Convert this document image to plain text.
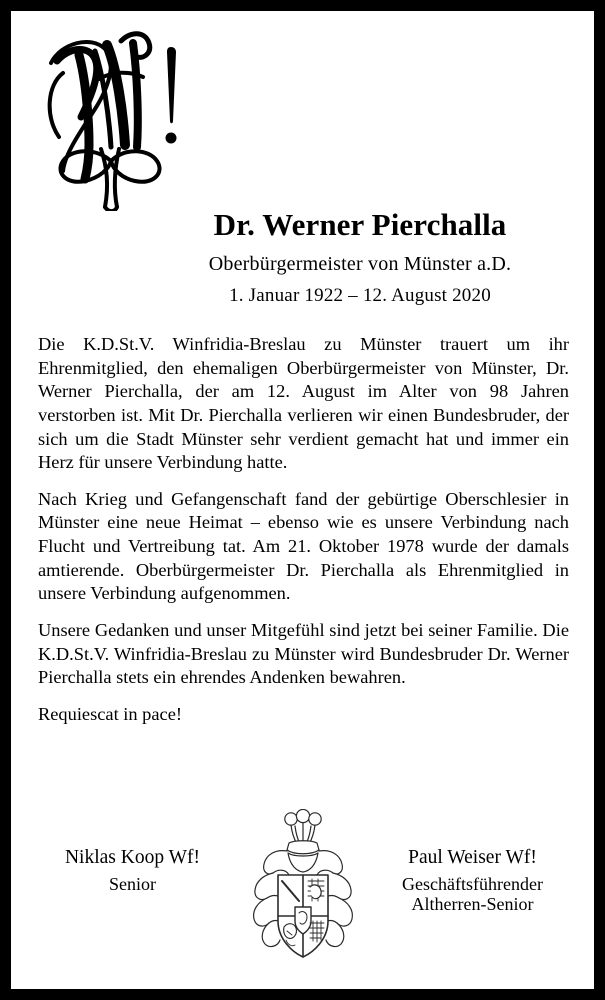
Dr. Werner Pierchalla
Oberbürgermeister von Münster a.D.
1. Januar 1922 – 12. August 2020

Die K.D.St.V. Winfridia-Breslau zu Münster trauert um ihr Ehrenmitglied, den ehemaligen Oberbürgermeister von Münster, Dr. Werner Pierchalla, der am 12. August im Alter von 98 Jahren verstorben ist. Mit Dr. Pierchalla verlieren wir einen Bundesbruder, der sich um die Stadt Münster sehr verdient gemacht hat und immer ein Herz für unsere Verbindung hatte.

Nach Krieg und Gefangenschaft fand der gebürtige Oberschlesier in Münster eine neue Heimat – ebenso wie es unsere Verbindung nach Flucht und Vertreibung tat. Am 21. Oktober 1978 wurde der damals amtierende. Oberbürgermeister Dr. Pierchalla als Ehrenmitglied in unsere Verbindung aufgenommen.

Unsere Gedanken und unser Mitgefühl sind jetzt bei seiner Familie. Die K.D.St.V. Winfridia-Breslau zu Münster wird Bundesbruder Dr. Werner Pierchalla stets ein ehrendes Andenken bewahren.

Requiescat in pace!

Niklas Koop Wf!
Senior
Paul Weiser Wf!
Geschäftsführender
Altherren-Senior
